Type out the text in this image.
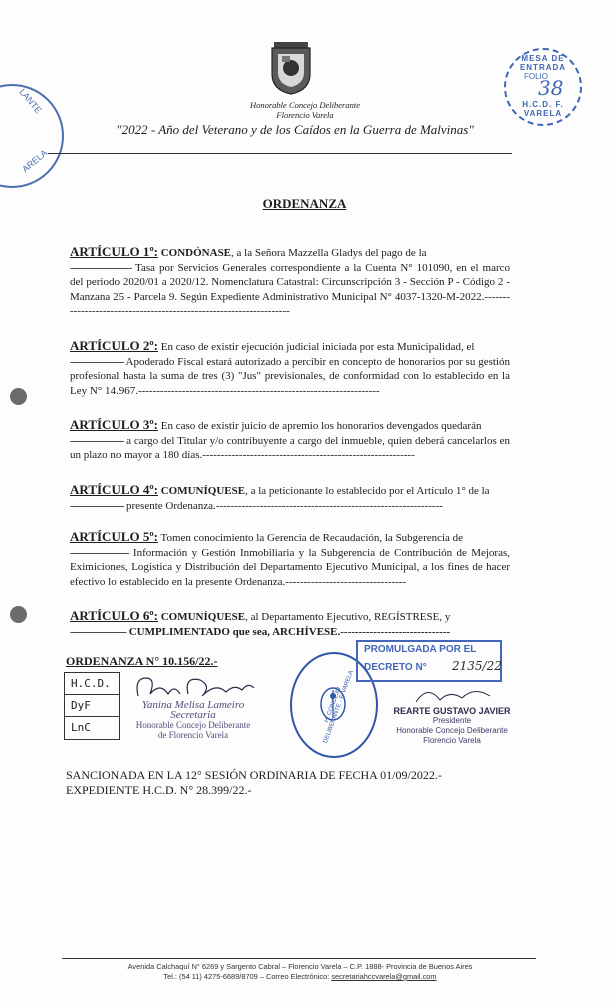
LANTE
ARELA
Honorable Concejo Deliberante
Florencio Varela
"2022 - Año del Veterano y de los Caídos en la Guerra de Malvinas"
MESA DE ENTRADA
FOLIO
38
H.C.D. F. VARELA
ORDENANZA
ARTÍCULO 1º: CONDÓNASE, a la Señora Mazzella Gladys del pago de la
----------------------- Tasa por Servicios Generales correspondiente a la Cuenta N° 101090, en el marco del periodo 2020/01 a 2020/12. Nomenclatura Catastral: Circunscripción 3 - Sección P - Código 2 - Manzana 25 - Parcela 9. Según Expediente Administrativo Municipal N° 4037-1320-M-2022.-------------------------------------------------------------------
ARTÍCULO 2º: En caso de existir ejecución judicial iniciada por esta Municipalidad, el
-------------------- Apoderado Fiscal estará autorizado a percibir en concepto de honorarios por su gestión profesional hasta la suma de tres (3) "Jus" previsionales, de conformidad con lo establecido en la Ley N° 14.967.------------------------------------------------------------------
ARTÍCULO 3º: En caso de existir juicio de apremio los honorarios devengados quedarán
-------------------- a cargo del Titular y/o contribuyente a cargo del inmueble, quien deberá cancelarlos en un plazo no mayor a 180 días.----------------------------------------------------------
ARTÍCULO 4º: COMUNÍQUESE, a la peticionante lo establecido por el Artículo 1° de la
-------------------- presente Ordenanza.--------------------------------------------------------------
ARTÍCULO 5º: Tomen conocimiento la Gerencia de Recaudación, la Subgerencia de
---------------------- Información y Gestión Inmobiliaria y la Subgerencia de Contribución de Mejoras, Eximiciones, Logística y Distribución del Departamento Ejecutivo Municipal, a los fines de hacer efectivo lo establecido en la presente Ordenanza.---------------------------------
ARTÍCULO 6º: COMUNÍQUESE, al Departamento Ejecutivo, REGÍSTRESE, y
--------------------- CUMPLIMENTADO que sea, ARCHÍVESE.------------------------------
ORDENANZA N° 10.156/22.-
H.C.D.
DyF
LnC
Yanina Melisa Lameiro
Secretaria
Honorable Concejo Deliberante
de Florencio Varela
H. CONCEJO DELIBERANTE · F. VARELA
PROMULGADA POR EL
DECRETO N° 2135/22
REARTE GUSTAVO JAVIER
Presidente
Honorable Concejo Deliberante
Florencio Varela
SANCIONADA EN LA 12° SESIÓN ORDINARIA DE FECHA 01/09/2022.-
EXPEDIENTE H.C.D. N° 28.399/22.-
Avenida Calchaquí N° 6269 y Sargento Cabral – Florencio Varela – C.P. 1888- Provincia de Buenos Aires
Tel.: (54 11) 4275-6689/8709 – Correo Electrónico: secretariahccvarela@gmail.com
